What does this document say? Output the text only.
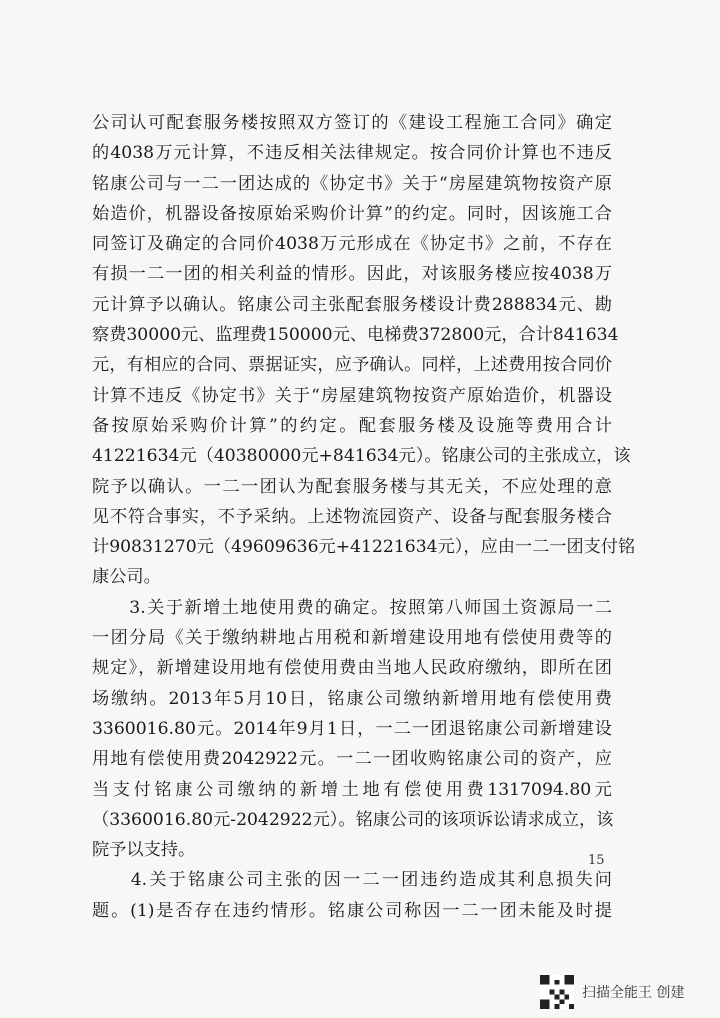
公司认可配套服务楼按照双方签订的《建设工程施工合同》确定
的4038万元计算，不违反相关法律规定。按合同价计算也不违反
铭康公司与一二一团达成的《协定书》关于“房屋建筑物按资产原
始造价，机器设备按原始采购价计算”的约定。同时，因该施工合
同签订及确定的合同价4038万元形成在《协定书》之前，不存在
有损一二一团的相关利益的情形。因此，对该服务楼应按4038万
元计算予以确认。铭康公司主张配套服务楼设计费288834元、勘
察费30000元、监理费150000元、电梯费372800元，合计841634
元，有相应的合同、票据证实，应予确认。同样，上述费用按合同价
计算不违反《协定书》关于“房屋建筑物按资产原始造价，机器设
备按原始采购价计算”的约定。配套服务楼及设施等费用合计
41221634元（40380000元+841634元）。铭康公司的主张成立，该
院予以确认。一二一团认为配套服务楼与其无关，不应处理的意
见不符合事实，不予采纳。上述物流园资产、设备与配套服务楼合
计90831270元（49609636元+41221634元），应由一二一团支付铭
康公司。
　　3.关于新增土地使用费的确定。按照第八师国土资源局一二
一团分局《关于缴纳耕地占用税和新增建设用地有偿使用费等的
规定》，新增建设用地有偿使用费由当地人民政府缴纳，即所在团
场缴纳。2013年5月10日，铭康公司缴纳新增用地有偿使用费
3360016.80元。2014年9月1日，一二一团退铭康公司新增建设
用地有偿使用费2042922元。一二一团收购铭康公司的资产，应
当支付铭康公司缴纳的新增土地有偿使用费1317094.80元
（3360016.80元-2042922元）。铭康公司的该项诉讼请求成立，该
院予以支持。
　　4.关于铭康公司主张的因一二一团违约造成其利息损失问
题。(1)是否存在违约情形。铭康公司称因一二一团未能及时提
15
扫描全能王 创建
